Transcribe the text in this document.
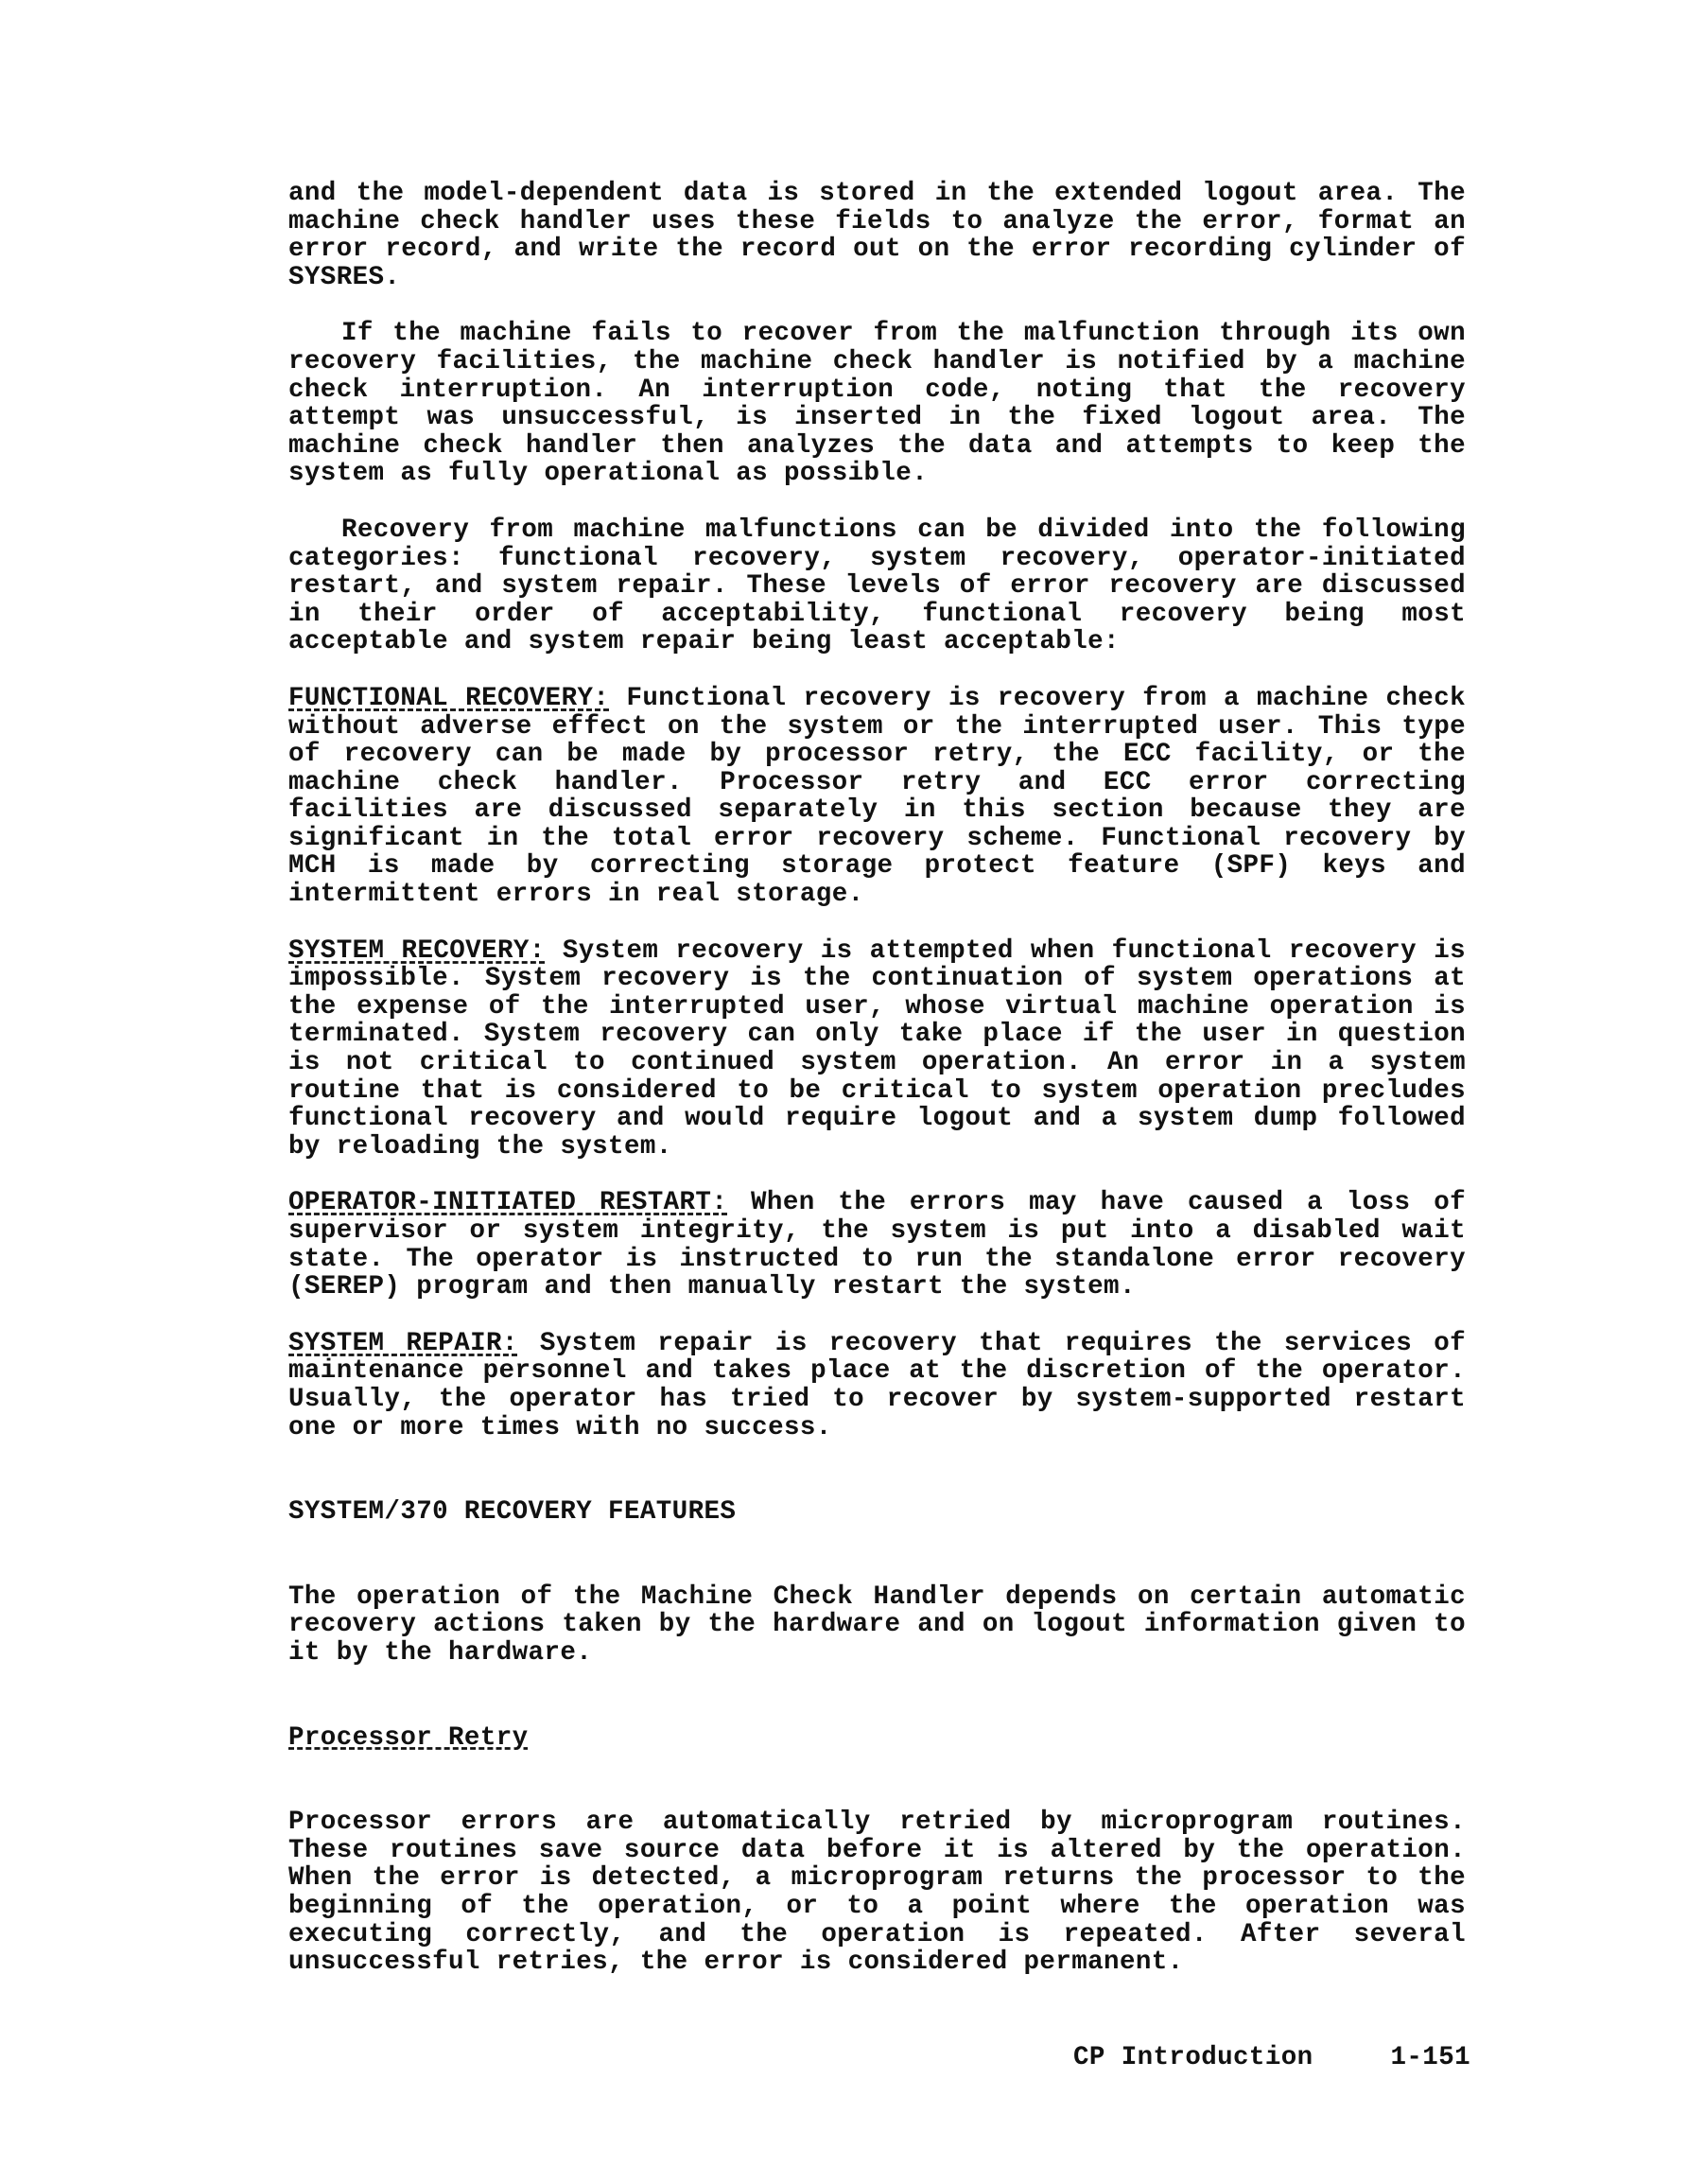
and the model-dependent data is stored in the extended logout area. The machine check handler uses these fields to analyze the error, format an error record, and write the record out on the error recording cylinder of SYSRES.

If the machine fails to recover from the malfunction through its own recovery facilities, the machine check handler is notified by a machine check interruption. An interruption code, noting that the recovery attempt was unsuccessful, is inserted in the fixed logout area. The machine check handler then analyzes the data and attempts to keep the system as fully operational as possible.

Recovery from machine malfunctions can be divided into the following categories: functional recovery, system recovery, operator-initiated restart, and system repair. These levels of error recovery are discussed in their order of acceptability, functional recovery being most acceptable and system repair being least acceptable:

FUNCTIONAL RECOVERY: Functional recovery is recovery from a machine check without adverse effect on the system or the interrupted user. This type of recovery can be made by processor retry, the ECC facility, or the machine check handler. Processor retry and ECC error correcting facilities are discussed separately in this section because they are significant in the total error recovery scheme. Functional recovery by MCH is made by correcting storage protect feature (SPF) keys and intermittent errors in real storage.

SYSTEM RECOVERY: System recovery is attempted when functional recovery is impossible. System recovery is the continuation of system operations at the expense of the interrupted user, whose virtual machine operation is terminated. System recovery can only take place if the user in question is not critical to continued system operation. An error in a system routine that is considered to be critical to system operation precludes functional recovery and would require logout and a system dump followed by reloading the system.

OPERATOR-INITIATED RESTART: When the errors may have caused a loss of supervisor or system integrity, the system is put into a disabled wait state. The operator is instructed to run the standalone error recovery (SEREP) program and then manually restart the system.

SYSTEM REPAIR: System repair is recovery that requires the services of maintenance personnel and takes place at the discretion of the operator. Usually, the operator has tried to recover by system-supported restart one or more times with no success.

SYSTEM/370 RECOVERY FEATURES

The operation of the Machine Check Handler depends on certain automatic recovery actions taken by the hardware and on logout information given to it by the hardware.

Processor Retry

Processor errors are automatically retried by microprogram routines. These routines save source data before it is altered by the operation. When the error is detected, a microprogram returns the processor to the beginning of the operation, or to a point where the operation was executing correctly, and the operation is repeated. After several unsuccessful retries, the error is considered permanent.

CP Introduction	1-151
